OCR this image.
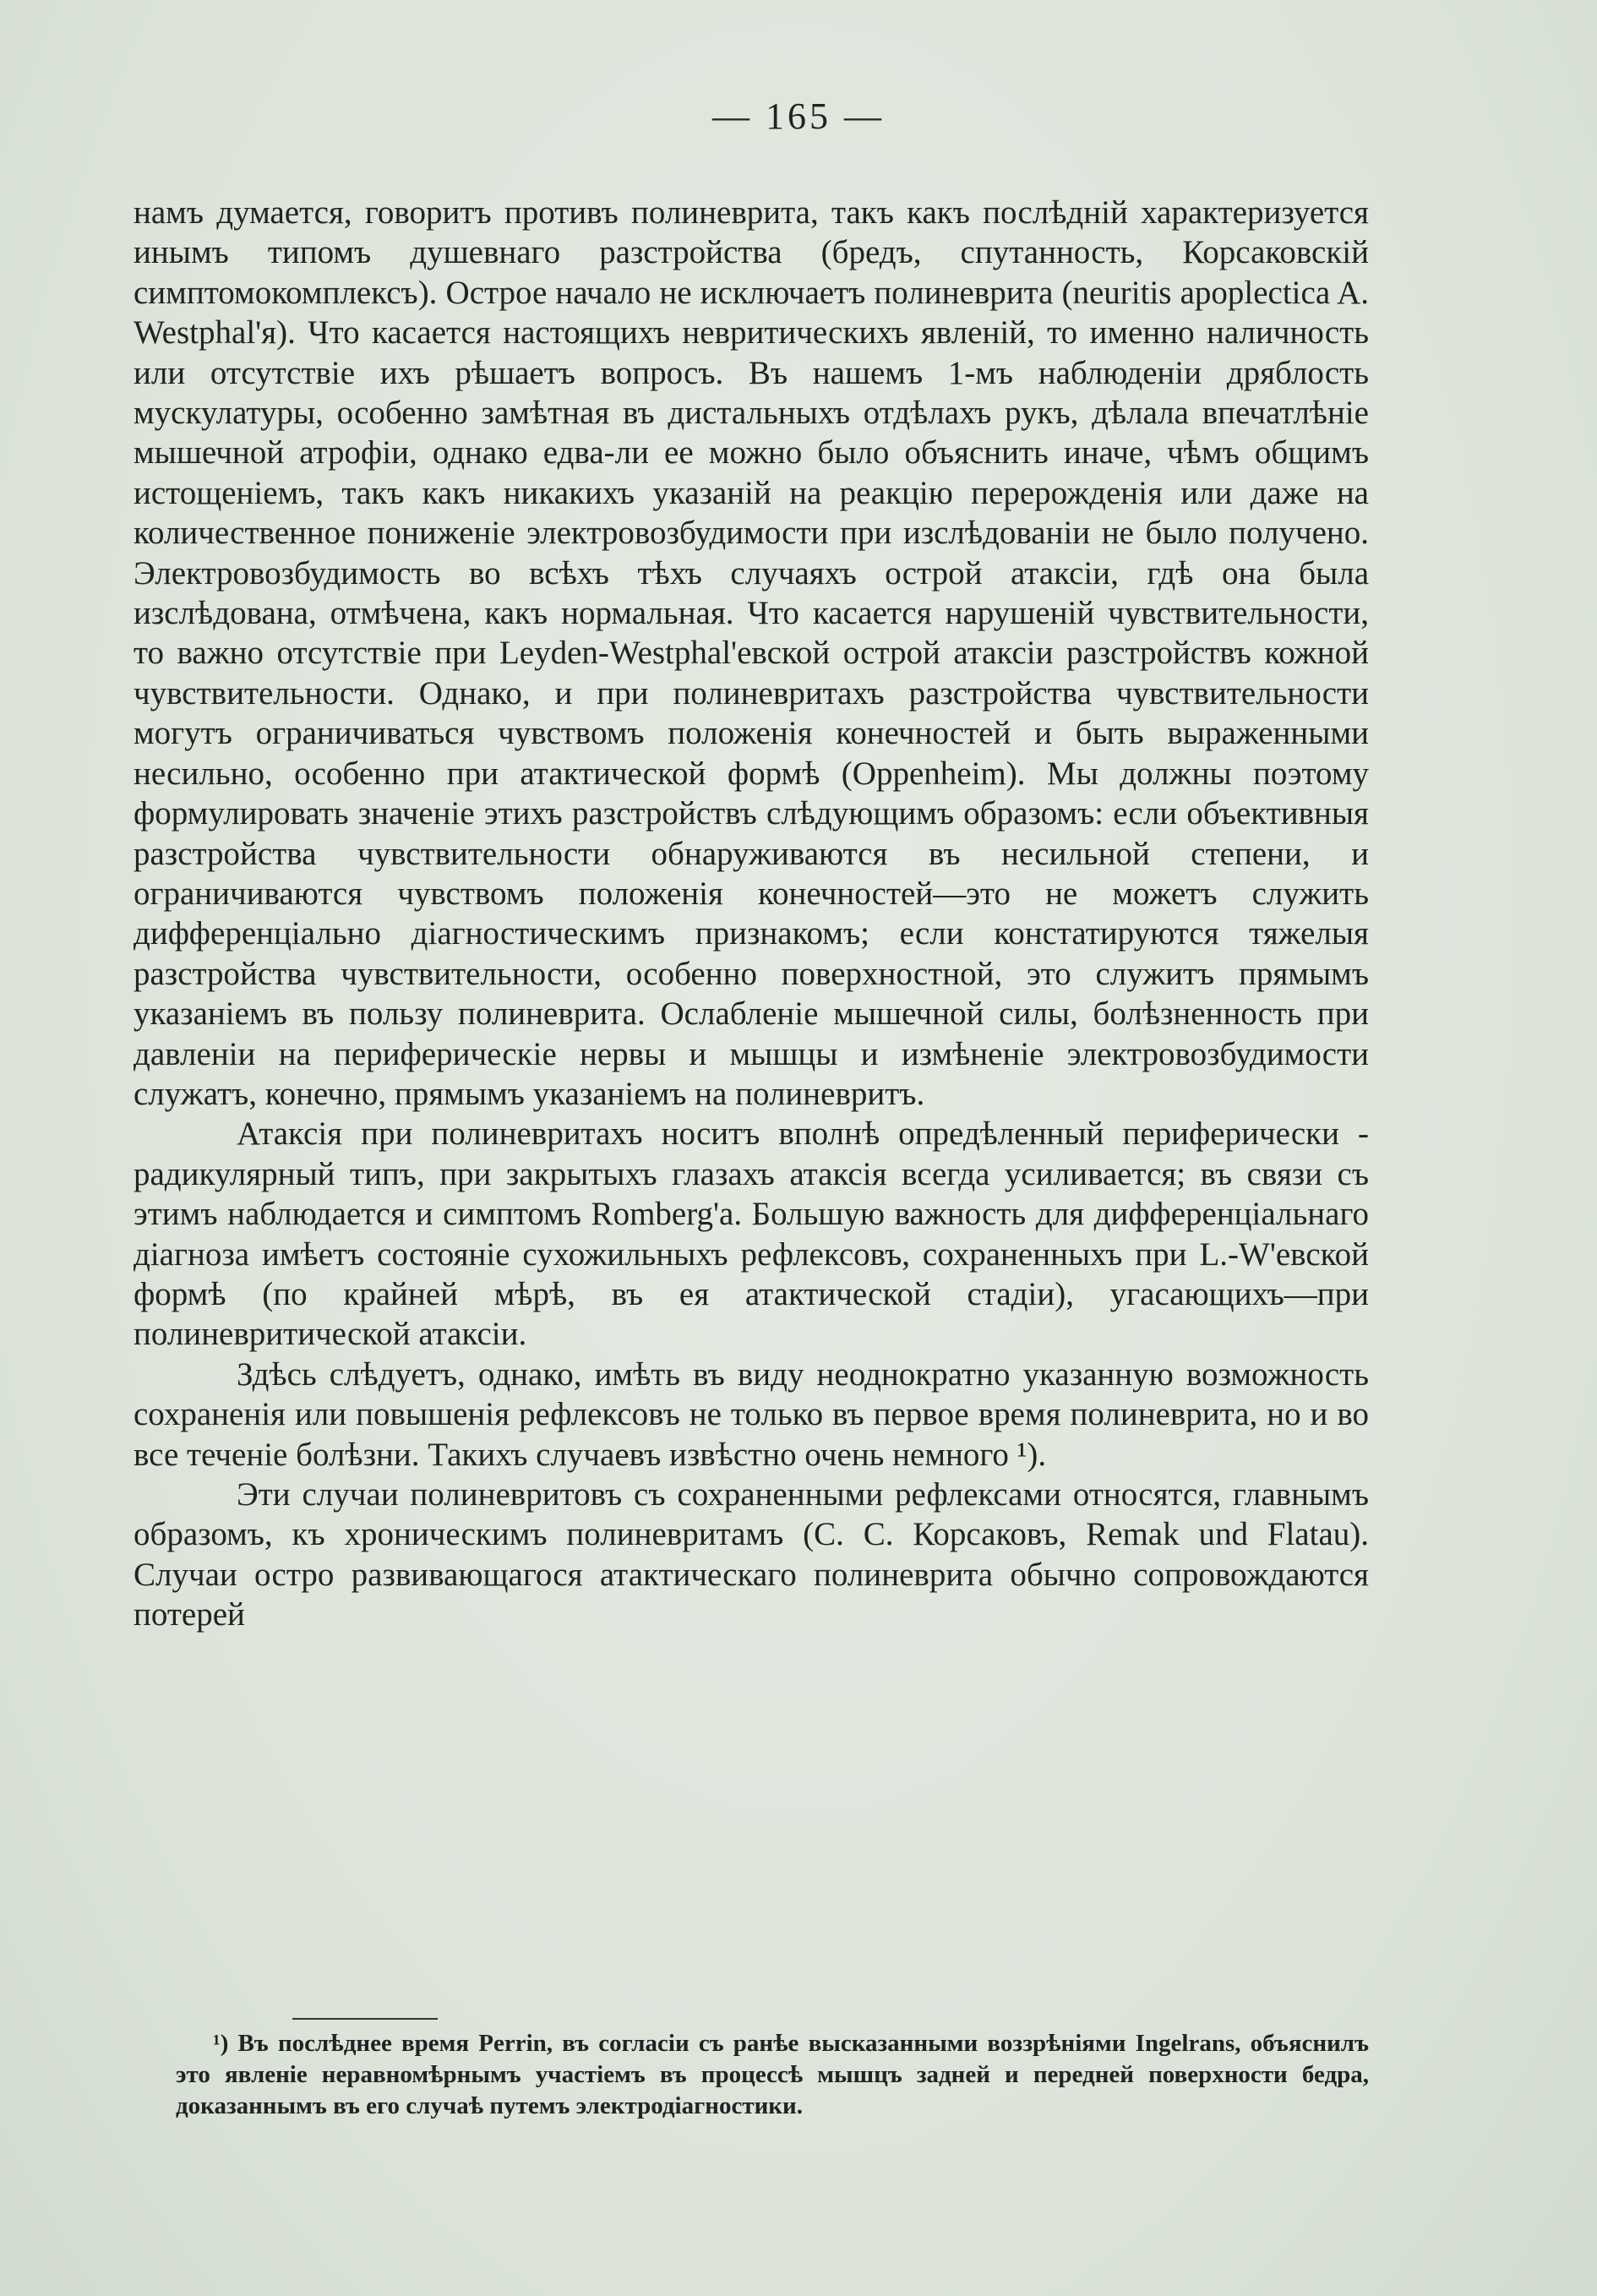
— 165 —

намъ думается, говоритъ противъ полиневрита, такъ какъ послѣднiй характеризуется инымъ типомъ душевнаго разстройства (бредъ, спутанность, Корсаковскiй симптомокомплексъ). Острое начало не исключаетъ полиневрита (neuritis apoplectica A. Westphal'я). Что касается настоящихъ невритическихъ явленiй, то именно наличность или отсутствiе ихъ рѣшаетъ вопросъ. Въ нашемъ 1-мъ наблюденiи дряблость мускулатуры, особенно замѣтная въ дистальныхъ отдѣлахъ рукъ, дѣлала впечатлѣнiе мышечной атрофiи, однако едва-ли ее можно было объяснить иначе, чѣмъ общимъ истощенiемъ, такъ какъ никакихъ указанiй на реакцiю перерожденiя или даже на количественное пониженiе электровозбудимости при изслѣдованiи не было получено. Электровозбудимость во всѣхъ тѣхъ случаяхъ острой атаксiи, гдѣ она была изслѣдована, отмѣчена, какъ нормальная. Что касается нарушенiй чувствительности, то важно отсутствiе при Leyden-Westphal'евской острой атаксiи разстройствъ кожной чувствительности. Однако, и при полиневритахъ разстройства чувствительности могутъ ограничиваться чувствомъ положенiя конечностей и быть выраженными несильно, особенно при атактической формѣ (Oppenheim). Мы должны поэтому формулировать значенiе этихъ разстройствъ слѣдующимъ образомъ: если объективныя разстройства чувствительности обнаруживаются въ несильной степени, и ограничиваются чувствомъ положенiя конечностей—это не можетъ служить дифференцiально дiагностическимъ признакомъ; если констатируются тяжелыя разстройства чувствительности, особенно поверхностной, это служитъ прямымъ указанiемъ въ пользу полиневрита. Ослабленiе мышечной силы, болѣзненность при давленiи на периферическiе нервы и мышцы и измѣненiе электровозбудимости служатъ, конечно, прямымъ указанiемъ на полиневритъ.

Атаксiя при полиневритахъ носитъ вполнѣ опредѣленный периферически - радикулярный типъ, при закрытыхъ глазахъ атаксiя всегда усиливается; въ связи съ этимъ наблюдается и симптомъ Romberg'а. Большую важность для дифференцiальнаго дiагноза имѣетъ состоянiе сухожильныхъ рефлексовъ, сохраненныхъ при L.-W'евской формѣ (по крайней мѣрѣ, въ ея атактической стадiи), угасающихъ—при полиневритической атаксiи.

Здѣсь слѣдуетъ, однако, имѣть въ виду неоднократно указанную возможность сохраненiя или повышенiя рефлексовъ не только въ первое время полиневрита, но и во все теченiе болѣзни. Такихъ случаевъ извѣстно очень немного ¹).

Эти случаи полиневритовъ съ сохраненными рефлексами относятся, главнымъ образомъ, къ хроническимъ полиневритамъ (С. С. Корсаковъ, Remak und Flatau). Случаи остро развивающагося атактическаго полиневрита обычно сопровождаются потерей

¹) Въ послѣднее время Perrin, въ согласiи съ ранѣе высказанными воззрѣнiями Ingelrans, объяснилъ это явленiе неравномѣрнымъ участiемъ въ процессѣ мышцъ задней и передней поверхности бедра, доказаннымъ въ его случаѣ путемъ электродiагностики.
